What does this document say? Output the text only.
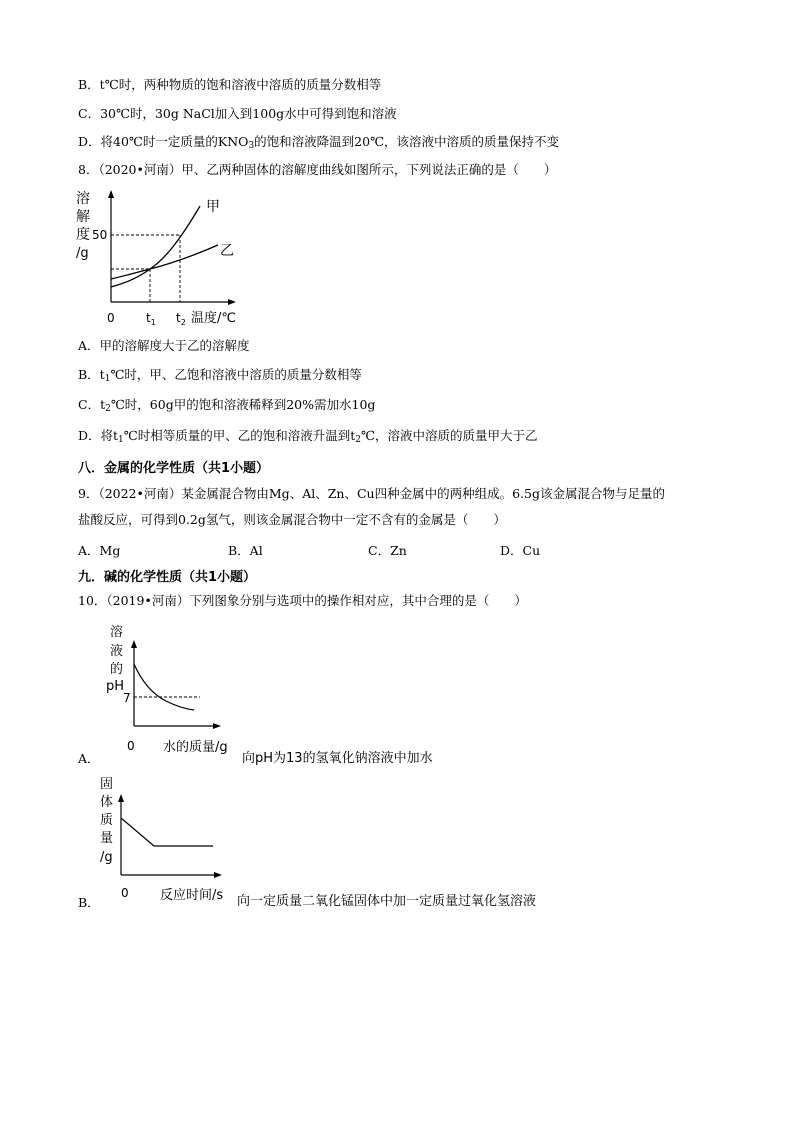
B．t℃时，两种物质的饱和溶液中溶质的质量分数相等
C．30℃时，30g NaCl加入到100g水中可得到饱和溶液
D．将40℃时一定质量的$KNO_3$的饱和溶液降温到20℃，该溶液中溶质的质量保持不变
8．（2020•河南）甲、乙两种固体的溶解度曲线如图所示，下列说法正确的是（　　）
溶
解
度
/g
50
0	$t_1$ $t_2$ 温度/℃
甲
乙
A．甲的溶解度大于乙的溶解度
B．$t_1℃$时，甲、乙饱和溶液中溶质的质量分数相等
C．$t_2℃$时，60g甲的饱和溶液稀释到20%需加水10g
D．将$t_1℃$时相等质量的甲、乙的饱和溶液升温到$t_2℃$，溶液中溶质的质量甲大于乙
八．金属的化学性质（共1小题）
9．（2022•河南）某金属混合物由Mg、Al、Zn、Cu四种金属中的两种组成。6.5g该金属混合物与足量的
盐酸反应，可得到0.2g氢气，则该金属混合物中一定不含有的金属是（　　）
A．Mg	B．Al	C．Zn	D．Cu
九．碱的化学性质（共1小题）
10．（2019•河南）下列图象分别与选项中的操作相对应，其中合理的是（　　）
溶
液
的
pH
7
0 水的质量/g
A．	向pH为13的氢氧化钠溶液中加水
固
体
质
量
/g
0 反应时间/s
B．	向一定质量二氧化锰固体中加一定质量过氧化氢溶液
